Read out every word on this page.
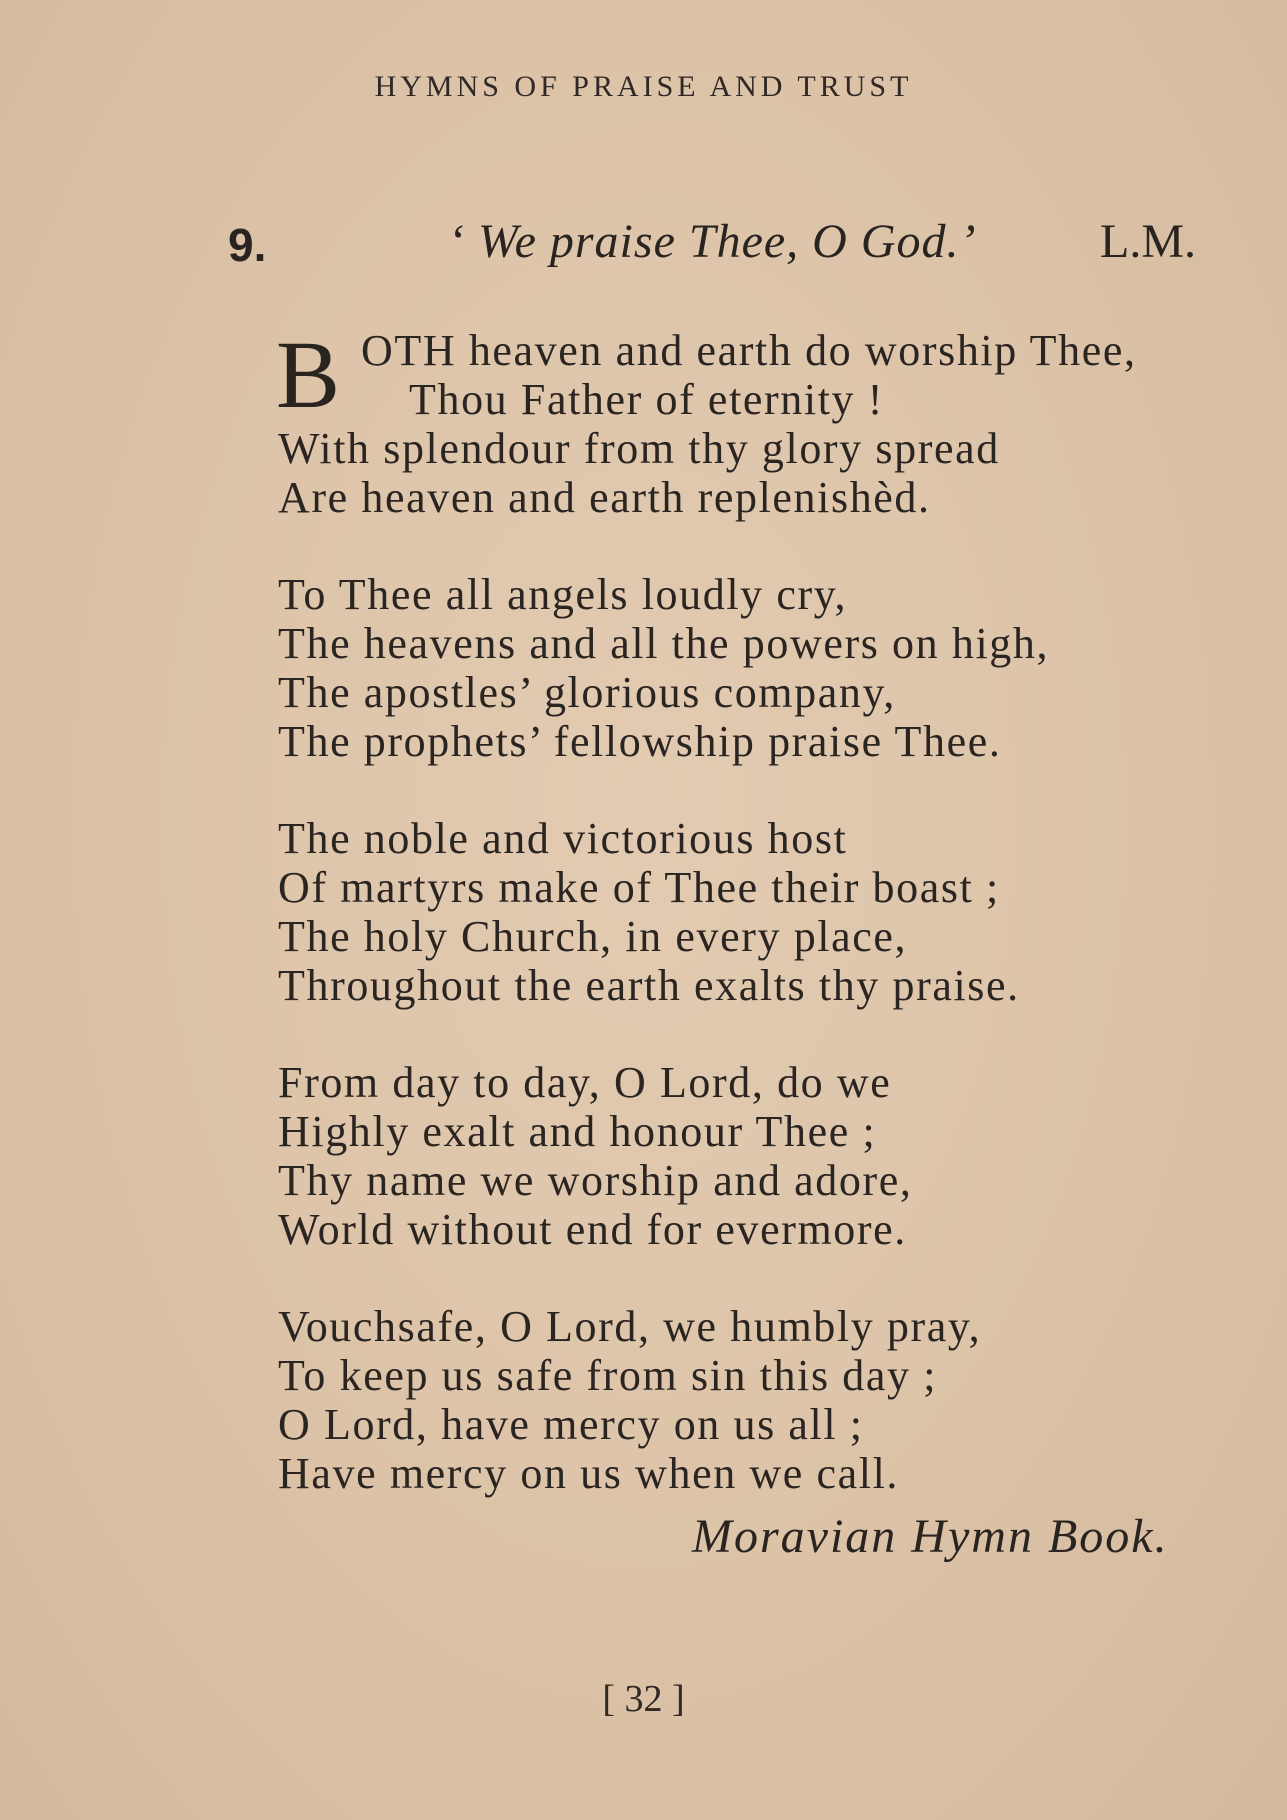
HYMNS OF PRAISE AND TRUST
9.	‘ We praise Thee, O God.’	L.M.
B OTH heaven and earth do worship Thee,
Thou Father of eternity !
With splendour from thy glory spread
Are heaven and earth replenishèd.
To Thee all angels loudly cry,
The heavens and all the powers on high,
The apostles’ glorious company,
The prophets’ fellowship praise Thee.
The noble and victorious host
Of martyrs make of Thee their boast ;
The holy Church, in every place,
Throughout the earth exalts thy praise.
From day to day, O Lord, do we
Highly exalt and honour Thee ;
Thy name we worship and adore,
World without end for evermore.
Vouchsafe, O Lord, we humbly pray,
To keep us safe from sin this day ;
O Lord, have mercy on us all ;
Have mercy on us when we call.
Moravian Hymn Book.
[ 32 ]
